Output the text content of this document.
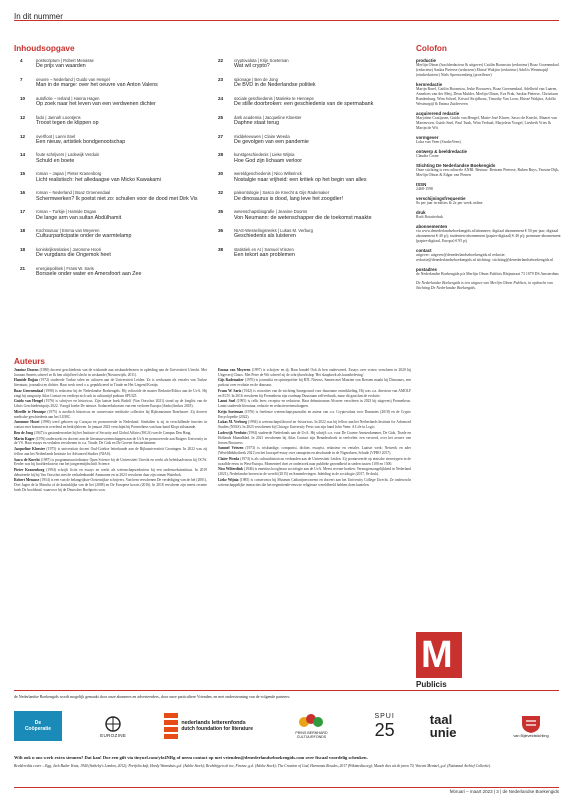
In dit nummer
Inhoudsopgave	Colofon
4	postscriptum | Robert Menasse
De prijs van waarden
7	oeuvre – Nederland | Guido van Hengel
Man in de marge: over het oeuvre van Anton Valens
10	autofictie – Ierland | Hanna Hagen
Op zoek naar het leven van een verdwenen dichter
12	fado | Jannah Loontjens
Troost tegen de klippen op
12	overfloot | Lanni Snel
Een nieuw, artistiek bondgenootschap
14	foute schrijvers | Lodewijk Verduin
Schuld en boete
15	roman – Japan | Pieter Kranenborg
Licht realistisch: het alledaagse van Micko Kawakami
16	roman – Nederland | Boaz Groenendaal
Schermwerken? Ik poetst niet zo: schuilen voor de dood met Dirk Vis
17	roman – Turkije | Hamide Dogan
De lange arm van sultan Abdülhamit
18	Kochtoutuur | Emma van Meyeren
Cultuurparticipatie onder de warmtelamp
18	koninkrijksrelaties | Jaromme Hoori
De vurgdans die Ongemok heet
21	energiepolitiek | Frans W. Saris
Borssele onder water en Amersfoort aan Zee
22	cryptovaluta | Krijn Soeteman
Wat wil crypto?
23	spionage | Ben de Jong
De BVD in de Nederlandse politiek
24	sociale geschiedenis | Marieke te Hennepe
De stille doorbroken: een geschiedenis van de spermabank
25	dark academia | Jacqueline Kloester
Daphne staat terug
27	middeleeuwen | Claire Weeda
De gevolgen van een pandemie
28	kunstgeschiedenis | Lieke Wijnia
Hoe God zijn lichaam verloor
30	wereldgeschiedenis | Nico Wilterinck
Nostalgie naar vrijheid: een kritiek op het begin van alles
32	paleontologie | Sasco de Knecht & Gijs Rademaker
De dinosaurus is dood, lang leve het zoogdier!
35	wetenschapsbiografie | Jeanine Doorns
Von Neumann: de wetenschapper die de toekomst maakte
36	NIAS-Wesselingsreeks | Lukas M. Verburg
Geschiedenis als luisteren
38	statistiek en AI | Samuel Vriezen
Een tekort aan problemen
productie
Merlijn Olnon (hoofdredacteur & uitgever) Caitlin Boomstra (redacteur) Boaz Groenendaal (redacteur) Saskia Pieterse (redacteur) Ebissé Wakjira (redacteur) Adolfo Westmopijl (eindredacteur) Niels Spreuwenberg (proeflezer)
kernredactie
Marijn Barel, Caitlin Boomstra, Jeske Brouwers, Boaz Groenendaal, Adelheid van Laaren, Anneloes van der Meij, Dean Mulder, Merlijn Olnon, Eva Prak, Saskia Pieterse, Christiaan Rondenburg, Wim Schoel, Kristof Strijdhorst, Timothy Van Loon, Ebissé Wakjira, Adolfo Westmopijl & Emma Zuiderveen
acquirerend redactie
Marjolein Costijssen, Guido van Hengel, Marie-José Klaver, Sasco de Knecht, Maaret van Marteuwen, Guido Snel, Paul Tunk, Wim Verbaal, Marjolein Voogel, Liesbeth Vries & Marijn de Wit
vormgever
Loka van Veen (StudioVeen)
ontwerp & beeldredactie
Claudia Crone
Stichting De Nederlandse Boekengids
Onze stichting is een culturele ANBI. Bestuur: Bertram Pieterse, Ruben Buys, Yassine Dijk, Merlijn Olnon & Edgar van Pienen
ISSN
2468-1598
verschijningsfrequentie
8x per jaar in edities & 2x per week online
druk
Rodi Rotatiedruk
abonnementen
via www.denederlandseboekengids.nl/abonneer; digitaal abonnement € 50 per jaar; digitaal abonnement € 40 p/j; studenten-abonnement (papier-digitaal) € 40 p/j; premium-abonnement (papier-digitaal, Europa) € 95 p/j
contact
uitgever: uitgever@denederlandseboekengids.nl redactie: redactie@denederlandseboekengids.nl stichting: stichting@denederlandseboekengids.nl
postadres
de Nederlandse Boekengids p/a Merlijn Olnon Publicis Rhijnstraat 73 1079 DS Amsterdam
De Nederlandse Boekengids is een uitgave van Merlijn Olnon Publicis, in opdracht van Stichting De Nederlandse Boekengids.
Auteurs

Jeanine Doorns (1980) doceert geschiedenis van de wiskunde aan wiskundeleraren in opleiding aan de Universiteit Utrecht. Met Jonatan Smeets schreef ze Ik ben altijd heel slecht in wiskunde (Nieuwezijds, 2011).

Hamide Doğan (1972) studeerde Turkse talen en culturen aan de Universiteit Leiden. Ze is werkzaam als vertaler van Turkse literatuur, journalist en dichter. Haar werk werd o.a. gepubliceerd in Tirade en Het Liegend Konijn.

Boaz Groenendaal (1990) is redacteur bij de Nederlandse Boekengids. Hij voltooide de master Redactie/Editor aan de UvA. Hij zingt bij zangcoöp Atlas Contact en verdiept zich ook in cultuurtijd podium SPUI25.

Guido van Hengel (1976) is schrijver en historicus. Zijn laatste boek Rudolf (Van Oorschot 2021) stond op de longlist van de Libris Geschiedenisprijs 2022. Voorgd boeke De nieuwe. Sodarreeksbossen van een verloren Europa (Ambo|Anthos 2018).

Mireille te Hennepe (1975) is medisch historicus en conservator medische collecties bij Rijksmuseum Boerhaave. Zij doceert medische geschiedenis aan het LUMC.

Jaromme Hoori (1996) werd geboren op Curaçao en promoveerde in Nederland. Sindsdien is zij in verschillende functies in contact met bommen in overlend en bedrijfsleven. In januari 2023 verschijnt bij Prometheus van haar hand Klopt stilstaande.

Ben de Jong (1947) is gastonderzoeker bij het Institute of Security and Global Affairs (ISGA) van de Campus Den Haag.

Marin Kager (1976) onderzoekt en doceert aan de literatuurwetenschappen aan de UvA en promoveerde aan Rutgers University in de VS. Haar essays en verhalen verschenen in o.a. Tirade, De Gids en De Groene Amsterdammer.

Jacqueline Kloester (1975) is universitair docent Oud-Griekse letterkunde aan de Rijksuniversiteit Groningen. In 2022 was zij fellow aan het Netherlands Institute for Advanced Studies (NIAS).

Sasco de Knecht (1987) is programmacoördinator Open Science bij de Universiteit Utrecht en werkt als beleidsadviseur bij OCW. Eerder was hij hoofdredacteur van het jongerentijdschrift Science.

Pieter Kranenborg (1994) schrijft fictie en essays en werkt als wetenschapsredacteur bij een onderzoeksinstituut. In 2019 debuteerde hij bij Van Oorschot met de verhalenbundel Ammonen en in 2023 verscheen daar zijn roman Waterbok.

Robert Menasse (1954) is een van de belangrijkste Oostenrijkse schrijvers. Van hem verschenen De verdediging van de hel (2001), Drei Jagen de la Mancha of de koninklijke van de liet (2008) en De Europese koorts (2016). In 2018 verscheen zijn meest recente boek De hoofdstad, waarvoor hij de Deutscher Buchpreis won.

Emma van Meyeren (1997) is schrijver en dj. Haar bundel Ook ik ben onderweerd. Essays over vrouw verscheen in 2020 bij Uitgeverij Chaos. Met Peter de Wit schreef zij de schrijfworkshop 'Het slaapboek als kunstbeleving'.

Gijs Rademaker (1976) is journalist en opiniepoëtier bij RTL Nieuws. Samen met Maarten van Rossem maakt hij Dinosaurs, een podcast over evolutie en de dinosaur.

Frans W. Saris (1942) is voorzitter van de stichting Saneground voor duurzame ontwikkeling. Hij was o.a. directeur van AMOLF en ECN. In 2016 verscheen bij Prometheus zijn roadmap Duurzaam zelfverbruik, maar dit gaat dan de evolutie.

Lanni Snel (1995) is cello lerer, receptor en redacteur. Haar debuutroman Alsweer verscheen in 2023 bij uitgeverij Prometheus. Lanni studeerde literatuur, redactie en redactiewetenschappen.

Krijn Soeteman (1976) is freelance wetenschapsjournalist en auteur van o.a. Cryptovaluta voor Dummies (2018) en de Crypto Encyclopedie (2022).

Lukas M. Verburg (1994) is wetenschapsfilosoof en -historicus. In 2022 was hij fellow aan het Netherlands Institute for Advanced Studies (NIAS). In 2023 verschenen bij Chicago University Press van zijn hand John Venn: A Life in Logic.

Lodewijk Verduin (1994) studeerde Nederlands aan de UvA. Hij schrijft o.a. voor De Groene Amsterdammer, De Gids, Tirade en Hollands Maandblad. In 2021 verschenen bij Atlas Contact zijn Benadersboek in veelvelen: een verwerd, over het oeuvre van Jeroen Brouwers.

Samuel Vriezen (1973) is wiskundige, componist, dichter, essayist, redacteur en vertaler. Laatste werk: Netwerk en ader (Wereldbibliotheek 2021) en het koorspel-essay over camaprim en abschunde in de Nigerahsen, Schade (VPRO 2017).

Claire Weeda (1974) is als cultuurhistoricus verbonden aan de Universiteit Leiden. Zij promoveerde op etnische stereotypen in de twaalfde eeuw in West-Europa. Momenteel doet ze onderzoek naar publieke gezondheid in steden tussen 1100 en 1500.

Nico Wilterdink (1946) is emeritus hoogleraar sociologie aan de UvA. Meest recente boeken: Vermogensongelijkheid in Nederland (2021), Nederlandse boeren in de wereld (2015) en Samenlevingen. Inleiding in de sociologie (2017, 8e druk).

Lieke Wijnia (1985) is conservator bij Museum Catharijneconvent en doceert aan het University College Utrecht. Ze onderzocht wetenschappelijke interacties die het negentiende-eeuwse religieuze wereldbeeld hebben doen kantelen.

M
Publicis
de Nederlandse Boekengids wordt mogelijk gemaakt door onze abonnees en adverteerders, door onze particuliere Vrienden, en met ondersteuning van de volgende partners:
De
Coöperatie
EUROZINE
nederlands letterenfonds
dutch foundation for literature
PRINS BERNHARD
CULTUURFONDS
SPUI
25
taal
unie	van Bijleveldstichting
Wilt ook u ons werk extra steunen? Dat kan! Doe een gift via tinyurl.com/yfz4NRg of neem contact op met vrienden@denederlandseboekengids.com over fiscaal voordelig schenken.
Beeldcredits cover – Egg, Jack Butler Yeats, 1944 (Sotheby's London, 2012); Portfolio kaft, Hordy Warnshuis g.d. (Adobe Stock); Rechthijgen ob toe, Firenze, g.d. (Adobe Stock); The Creation of God, Harmonia Rosales, 2017 (Wikimedia.org); Munch dies uit de jaren 70, Vincent Mentzel, g.d. (Nationaal Archief Collectie).
februari – maart 2023 | 3 | de Nederlandse Boekengids
